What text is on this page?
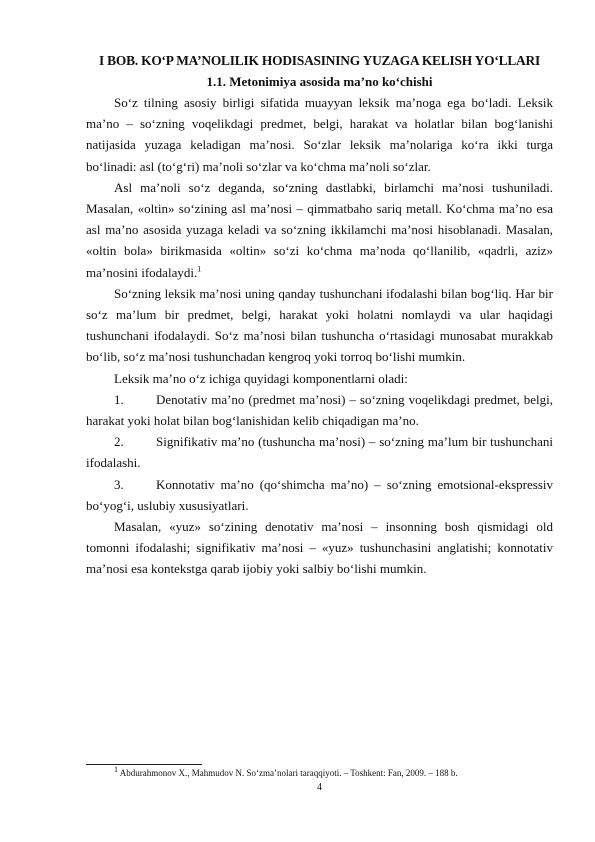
I BOB. KO‘P MA’NOLILIK HODISASINING YUZAGA KELISH YO‘LLARI
1.1. Metonimiya asosida ma’no ko‘chishi

So‘z tilning asosiy birligi sifatida muayyan leksik ma’noga ega bo‘ladi. Leksik ma’no – so‘zning voqelikdagi predmet, belgi, harakat va holatlar bilan bog‘lanishi natijasida yuzaga keladigan ma’nosi. So‘zlar leksik ma’nolariga ko‘ra ikki turga bo‘linadi: asl (to‘g‘ri) ma’noli so‘zlar va ko‘chma ma’noli so‘zlar.

Asl ma’noli so‘z deganda, so‘zning dastlabki, birlamchi ma’nosi tushuniladi. Masalan, «oltin» so‘zining asl ma’nosi – qimmatbaho sariq metall. Ko‘chma ma’no esa asl ma’no asosida yuzaga keladi va so‘zning ikkilamchi ma’nosi hisoblanadi. Masalan, «oltin bola» birikmasida «oltin» so‘zi ko‘chma ma’noda qo‘llanilib, «qadrli, aziz» ma’nosini ifodalaydi.$^1$

So‘zning leksik ma’nosi uning qanday tushunchani ifodalashi bilan bog‘liq. Har bir so‘z ma’lum bir predmet, belgi, harakat yoki holatni nomlaydi va ular haqidagi tushunchani ifodalaydi. So‘z ma’nosi bilan tushuncha o‘rtasidagi munosabat murakkab bo‘lib, so‘z ma’nosi tushunchadan kengroq yoki torroq bo‘lishi mumkin.

Leksik ma’no o‘z ichiga quyidagi komponentlarni oladi:

1. Denotativ ma’no (predmet ma’nosi) – so‘zning voqelikdagi predmet, belgi, harakat yoki holat bilan bog‘lanishidan kelib chiqadigan ma’no.
2. Signifikativ ma’no (tushuncha ma’nosi) – so‘zning ma’lum bir tushunchani ifodalashi.
3. Konnotativ ma’no (qo‘shimcha ma’no) – so‘zning emotsional-ekspressiv bo‘yog‘i, uslubiy xususiyatlari.

Masalan, «yuz» so‘zining denotativ ma’nosi – insonning bosh qismidagi old tomonni ifodalashi; signifikativ ma’nosi – «yuz» tushunchasini anglatishi; konnotativ ma’nosi esa kontekstga qarab ijobiy yoki salbiy bo‘lishi mumkin.

$^1$ Abdurahmonov X., Mahmudov N. So‘zma’nolari taraqqiyoti. – Toshkent: Fan, 2009. – 188 b.
4
